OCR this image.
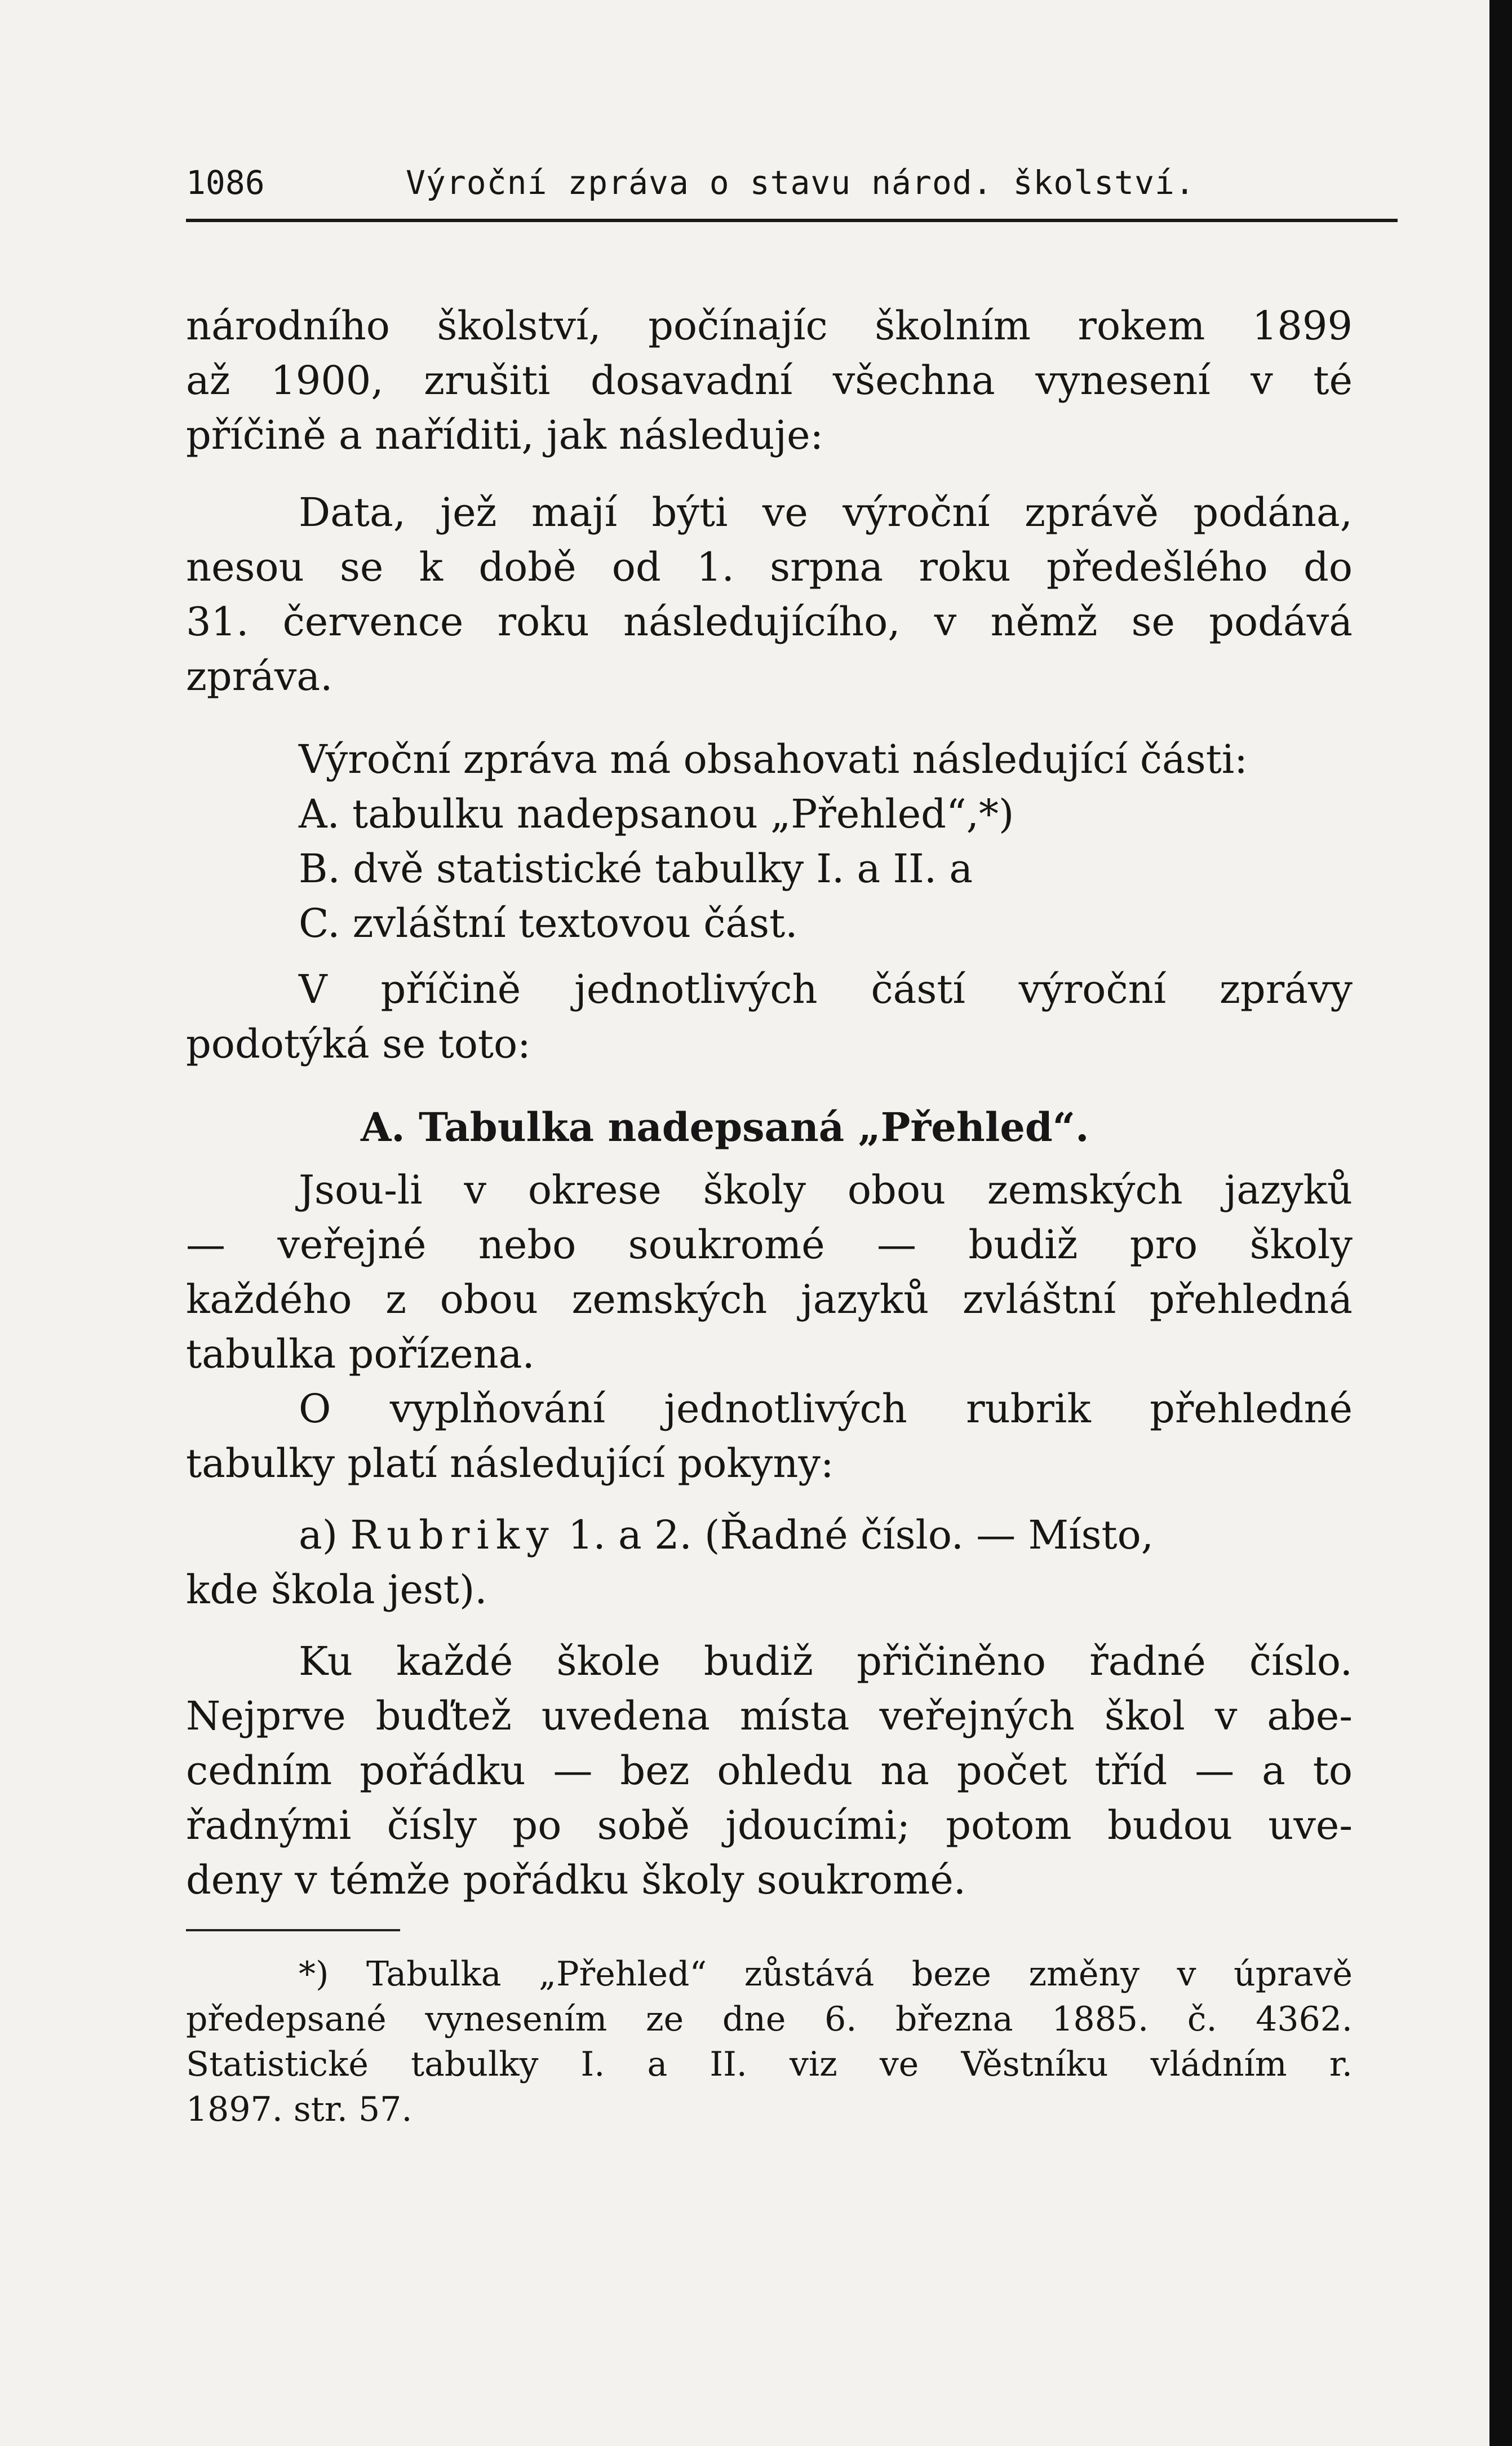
1086	Výroční zpráva o stavu národ. školství.
národního školství, počínajíc školním rokem 1899
až 1900, zrušiti dosavadní všechna vynesení v té
příčině a naříditi, jak následuje:
Data, jež mají býti ve výroční zprávě podána,
nesou se k době od 1. srpna roku předešlého do
31. července roku následujícího, v němž se podává
zpráva.
Výroční zpráva má obsahovati následující části:
A. tabulku nadepsanou „Přehled“,*)
B. dvě statistické tabulky I. a II. a
C. zvláštní textovou část.
V příčině jednotlivých částí výroční zprávy
podotýká se toto:
A. Tabulka nadepsaná „Přehled“.
Jsou-li v okrese školy obou zemských jazyků
— veřejné nebo soukromé — budiž pro školy
každého z obou zemských jazyků zvláštní přehledná
tabulka pořízena.
O vyplňování jednotlivých rubrik přehledné
tabulky platí následující pokyny:
a) Rubriky 1. a 2. (Řadné číslo. — Místo,
kde škola jest).
Ku každé škole budiž přičiněno řadné číslo.
Nejprve buďtež uvedena místa veřejných škol v abe-
cedním pořádku — bez ohledu na počet tříd — a to
řadnými čísly po sobě jdoucími; potom budou uve-
deny v témže pořádku školy soukromé.
*) Tabulka „Přehled“ zůstává beze změny v úpravě
předepsané vynesením ze dne 6. března 1885. č. 4362.
Statistické tabulky I. a II. viz ve Věstníku vládním r.
1897. str. 57.
